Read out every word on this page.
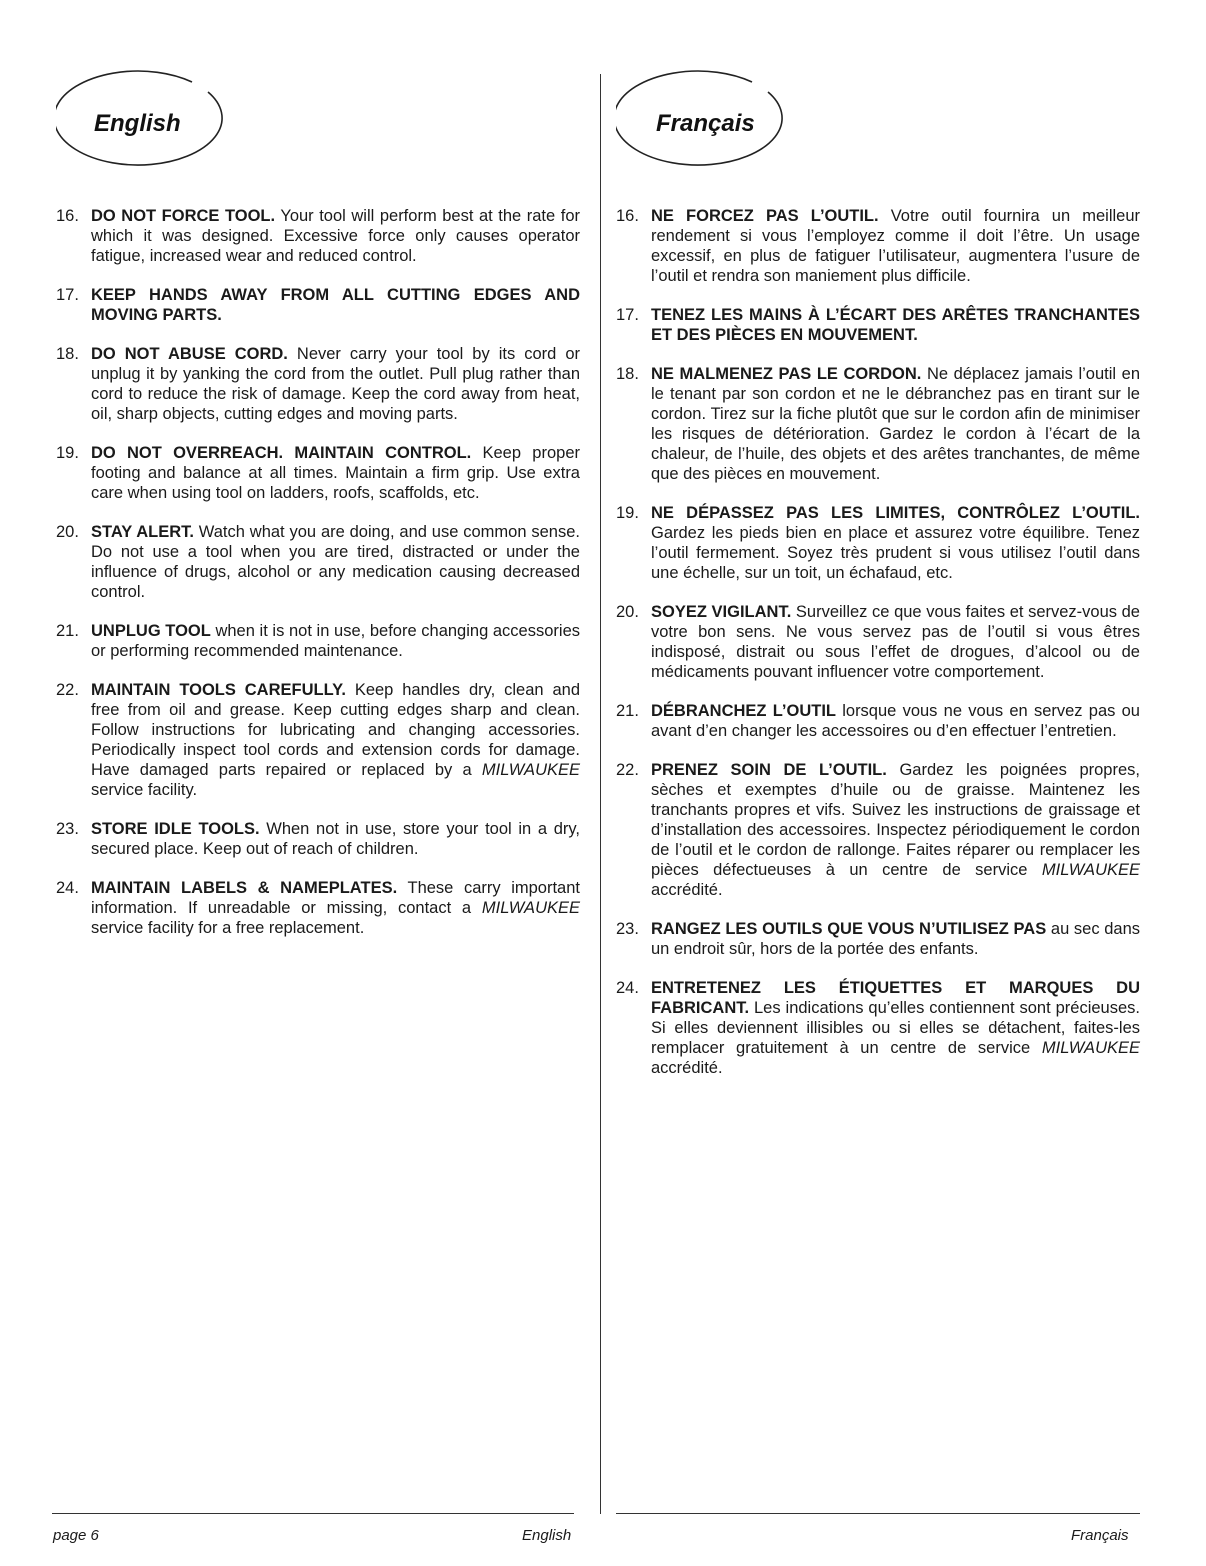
English	Français
16. DO NOT FORCE TOOL. Your tool will perform best at the rate for which it was designed. Excessive force only causes operator fatigue, increased wear and reduced control.
17. KEEP HANDS AWAY FROM ALL CUTTING EDGES AND MOVING PARTS.
18. DO NOT ABUSE CORD. Never carry your tool by its cord or unplug it by yanking the cord from the outlet. Pull plug rather than cord to reduce the risk of damage. Keep the cord away from heat, oil, sharp objects, cutting edges and moving parts.
19. DO NOT OVERREACH. MAINTAIN CONTROL. Keep proper footing and balance at all times. Maintain a firm grip. Use extra care when using tool on ladders, roofs, scaffolds, etc.
20. STAY ALERT. Watch what you are doing, and use common sense. Do not use a tool when you are tired, distracted or under the influence of drugs, alcohol or any medication causing decreased control.
21. UNPLUG TOOL when it is not in use, before changing accessories or performing recommended maintenance.
22. MAINTAIN TOOLS CAREFULLY. Keep handles dry, clean and free from oil and grease. Keep cutting edges sharp and clean. Follow instructions for lubricating and changing accessories. Periodically inspect tool cords and extension cords for damage. Have damaged parts repaired or replaced by a MILWAUKEE service facility.
23. STORE IDLE TOOLS. When not in use, store your tool in a dry, secured place. Keep out of reach of children.
24. MAINTAIN LABELS & NAMEPLATES. These carry important information. If unreadable or missing, contact a MILWAUKEE service facility for a free replacement.
16. NE FORCEZ PAS L’OUTIL. Votre outil fournira un meilleur rendement si vous l’employez comme il doit l’être. Un usage excessif, en plus de fatiguer l’utilisateur, augmentera l’usure de l’outil et rendra son maniement plus difficile.
17. TENEZ LES MAINS À L’ÉCART DES ARÊTES TRANCHANTES ET DES PIÈCES EN MOUVEMENT.
18. NE MALMENEZ PAS LE CORDON. Ne déplacez jamais l’outil en le tenant par son cordon et ne le débranchez pas en tirant sur le cordon. Tirez sur la fiche plutôt que sur le cordon afin de minimiser les risques de détérioration. Gardez le cordon à l’écart de la chaleur, de l’huile, des objets et des arêtes tranchantes, de même que des pièces en mouvement.
19. NE DÉPASSEZ PAS LES LIMITES, CONTRÔLEZ L’OUTIL. Gardez les pieds bien en place et assurez votre équilibre. Tenez l’outil fermement. Soyez très prudent si vous utilisez l’outil dans une échelle, sur un toit, un échafaud, etc.
20. SOYEZ VIGILANT. Surveillez ce que vous faites et servez-vous de votre bon sens. Ne vous servez pas de l’outil si vous êtres indisposé, distrait ou sous l’effet de drogues, d’alcool ou de médicaments pouvant influencer votre comportement.
21. DÉBRANCHEZ L’OUTIL lorsque vous ne vous en servez pas ou avant d’en changer les accessoires ou d’en effectuer l’entretien.
22. PRENEZ SOIN DE L’OUTIL. Gardez les poignées propres, sèches et exemptes d’huile ou de graisse. Maintenez les tranchants propres et vifs. Suivez les instructions de graissage et d’installation des accessoires. Inspectez périodiquement le cordon de l’outil et le cordon de rallonge. Faites réparer ou remplacer les pièces défectueuses à un centre de service MILWAUKEE accrédité.
23. RANGEZ LES OUTILS QUE VOUS N’UTILISEZ PAS au sec dans un endroit sûr, hors de la portée des enfants.
24. ENTRETENEZ LES ÉTIQUETTES ET MARQUES DU FABRICANT. Les indications qu’elles contiennent sont précieuses. Si elles deviennent illisibles ou si elles se détachent, faites-les remplacer gratuitement à un centre de service MILWAUKEE accrédité.
page 6	English	Français
